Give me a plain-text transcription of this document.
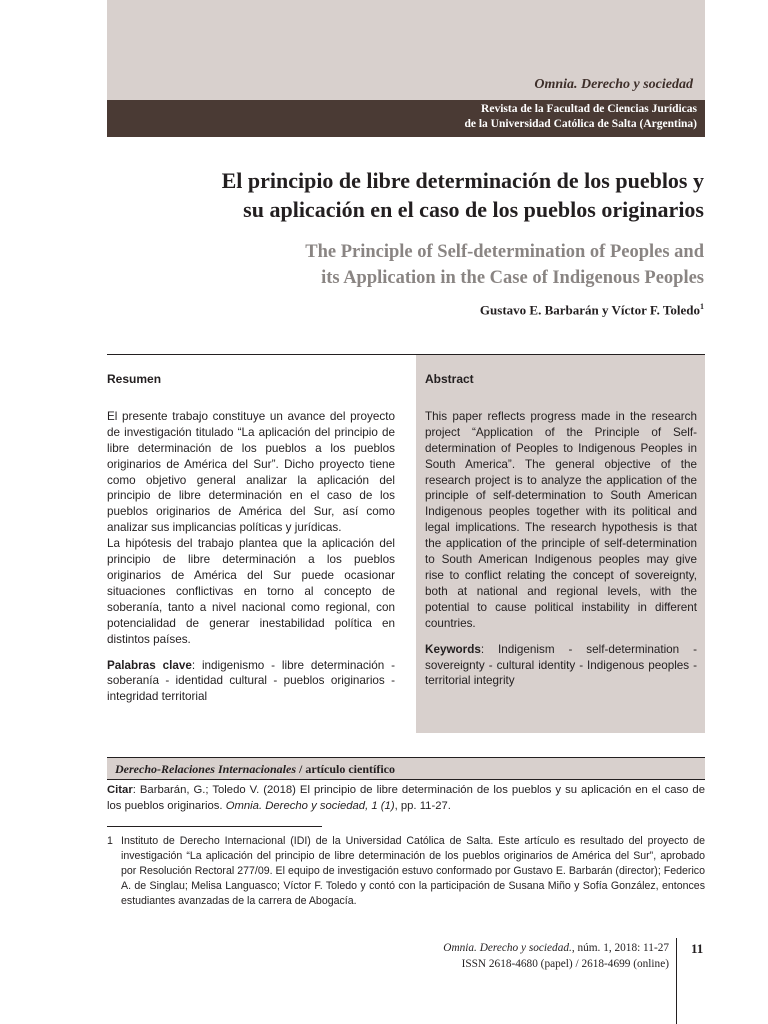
Omnia. Derecho y sociedad
Revista de la Facultad de Ciencias Jurídicas
de la Universidad Católica de Salta (Argentina)
El principio de libre determinación de los pueblos y
su aplicación en el caso de los pueblos originarios
The Principle of Self-determination of Peoples and
its Application in the Case of Indigenous Peoples
Gustavo E. Barbarán y Víctor F. Toledo$^1$
Resumen

El presente trabajo constituye un avance del proyecto de investigación titulado “La aplicación del principio de libre determinación de los pueblos a los pueblos originarios de América del Sur”. Dicho proyecto tiene como objetivo general analizar la aplicación del principio de libre determinación en el caso de los pueblos originarios de América del Sur, así como analizar sus implicancias políticas y jurídicas.

La hipótesis del trabajo plantea que la aplicación del principio de libre determinación a los pueblos originarios de América del Sur puede ocasionar situaciones conflictivas en torno al concepto de soberanía, tanto a nivel nacional como regional, con potencialidad de generar inestabilidad política en distintos países.

Palabras clave: indigenismo - libre determinación - soberanía - identidad cultural - pueblos originarios - integridad territorial

Abstract

This paper reflects progress made in the research project “Application of the Principle of Self-determination of Peoples to Indigenous Peoples in South America”. The general objective of the research project is to analyze the application of the principle of self-determination to South American Indigenous peoples together with its political and legal implications. The research hypothesis is that the application of the principle of self-determination to South American Indigenous peoples may give rise to conflict relating the concept of sovereignty, both at national and regional levels, with the potential to cause political instability in different countries.

Keywords: Indigenism - self-determination - sovereignty - cultural identity - Indigenous peoples - territorial integrity

Derecho-Relaciones Internacionales / artículo científico
Citar: Barbarán, G.; Toledo V. (2018) El principio de libre determinación de los pueblos y su aplicación en el caso de los pueblos originarios. Omnia. Derecho y sociedad, 1 (1), pp. 11-27.
1 Instituto de Derecho Internacional (IDI) de la Universidad Católica de Salta. Este artículo es resultado del proyecto de investigación “La aplicación del principio de libre determinación de los pueblos originarios de América del Sur”, aprobado por Resolución Rectoral 277/09. El equipo de investigación estuvo conformado por Gustavo E. Barbarán (director); Federico A. de Singlau; Melisa Languasco; Víctor F. Toledo y contó con la participación de Susana Miño y Sofía González, entonces estudiantes avanzadas de la carrera de Abogacía.
Omnia. Derecho y sociedad., núm. 1, 2018: 11-27
ISSN 2618-4680 (papel) / 2618-4699 (online)
11
